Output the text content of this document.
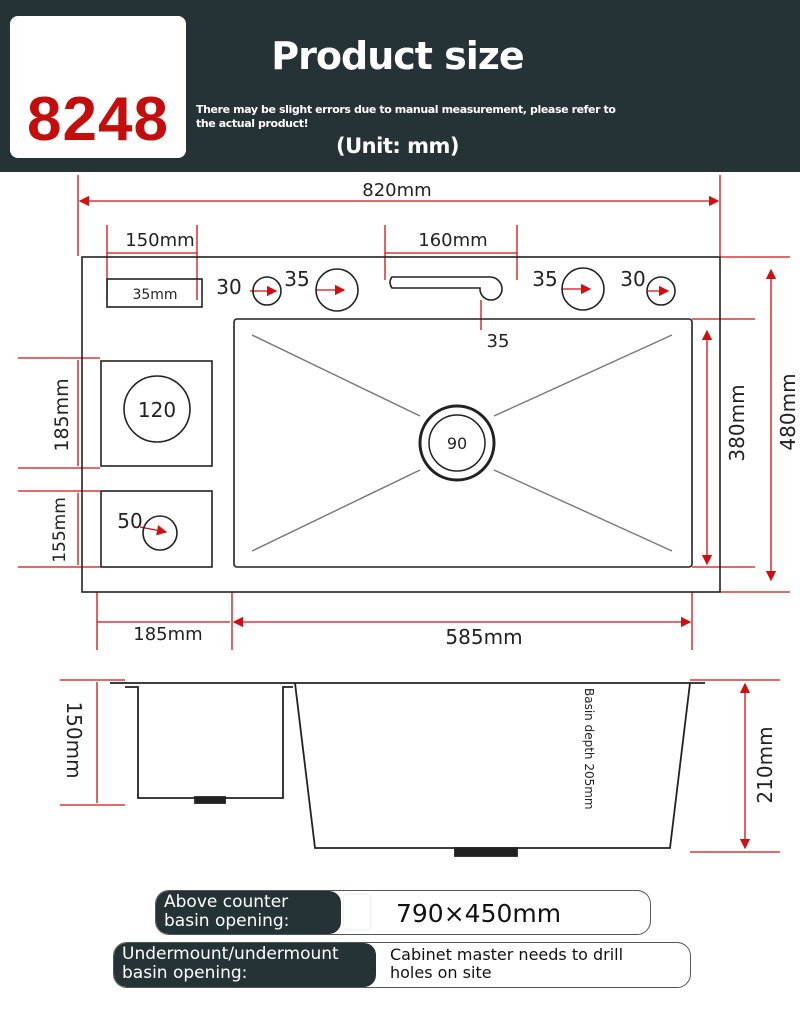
8248
Product size
There may be slight errors due to manual measurement, please refer to the actual product!
(Unit: mm)
820mm
150mm
35mm
160mm
35
30 35	35	30
120
50
90	380mm 480mm
185mm
155mm
185mm	585mm
150mm	210mm
Basin depth 205mm
Above counter
basin opening:	790×450mm
Undermount/undermount
basin opening:
Cabinet master needs to drill holes on site
